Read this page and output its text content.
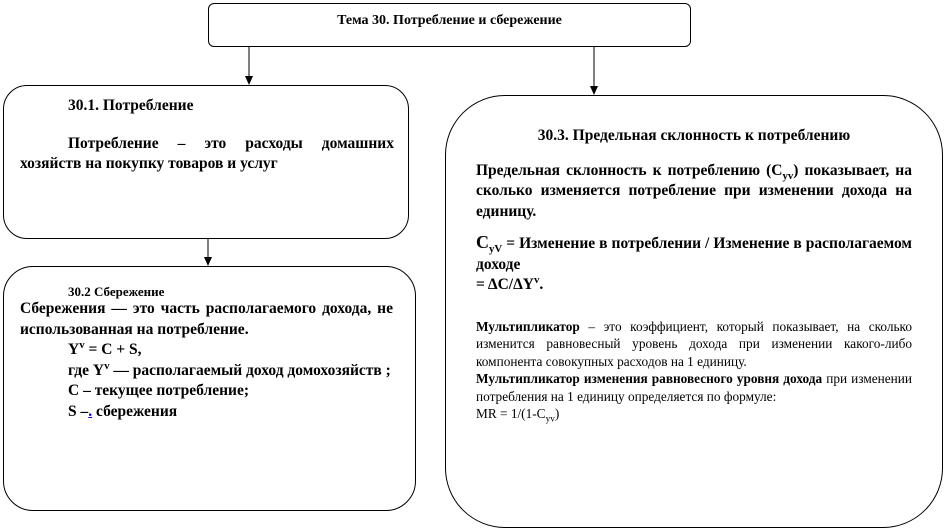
Тема 30. Потребление и сбережение

30.1. Потребление

Потребление – это расходы домашних хозяйств на покупку товаров и услуг

30.2 Сбережение

Сбережения — это часть располагаемого дохода, не использованная на потребление.

$Y^v = C + S$,

где $Y^v$ — располагаемый доход домохозяйств ;

C – текущее потребление;

S –. сбережения

30.3. Предельная склонность к потреблению

Предельная склонность к потреблению $(C_{yv})$ показывает, на сколько изменяется потребление при изменении дохода на единицу.

$C_{yV}$ = Изменение в потреблении / Изменение в располагаемом доходе

= $\Delta C/\Delta Y^v$.

Мультипликатор – это коэффициент, который показывает, на сколько изменится равновесный уровень дохода при изменении какого-либо компонента совокупных расходов на 1 единицу.

Мультипликатор изменения равновесного уровня дохода при изменении потребления на 1 единицу определяется по формуле:

MR = $1/(1-C_{yv})$
